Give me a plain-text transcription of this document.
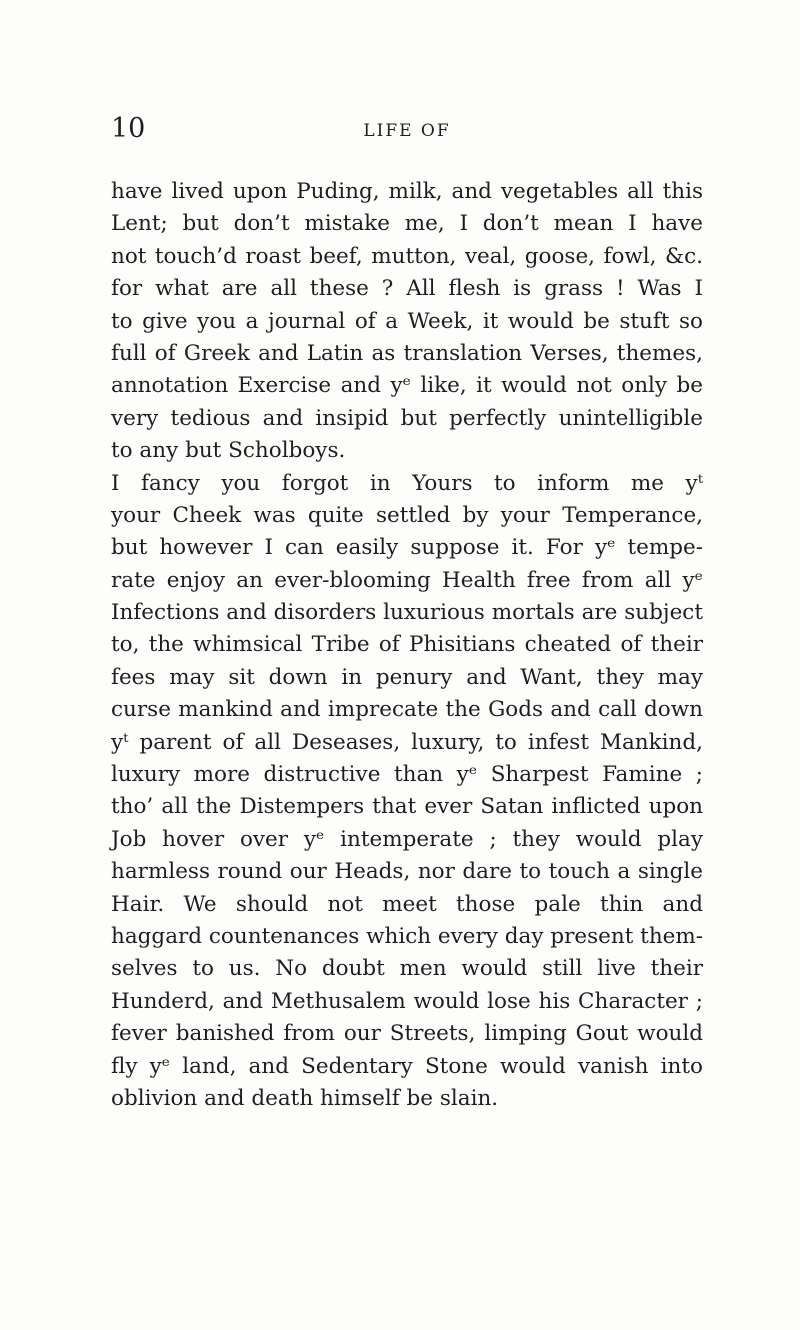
10	LIFE OF
have lived upon Puding, milk, and vegetables all this
Lent; but don’t mistake me, I don’t mean I have
not touch’d roast beef, mutton, veal, goose, fowl, &c.
for what are all these ? All flesh is grass ! Was I
to give you a journal of a Week, it would be stuft so
full of Greek and Latin as translation Verses, themes,
annotation Exercise and yᵉ like, it would not only be
very tedious and insipid but perfectly unintelligible
to any but Scholboys.
I fancy you forgot in Yours to inform me yᵗ
your Cheek was quite settled by your Temperance,
but however I can easily suppose it. For yᵉ tempe-
rate enjoy an ever-blooming Health free from all yᵉ
Infections and disorders luxurious mortals are subject
to, the whimsical Tribe of Phisitians cheated of their
fees may sit down in penury and Want, they may
curse mankind and imprecate the Gods and call down
yᵗ parent of all Deseases, luxury, to infest Mankind,
luxury more distructive than yᵉ Sharpest Famine ;
tho’ all the Distempers that ever Satan inflicted upon
Job hover over yᵉ intemperate ; they would play
harmless round our Heads, nor dare to touch a single
Hair. We should not meet those pale thin and
haggard countenances which every day present them-
selves to us. No doubt men would still live their
Hunderd, and Methusalem would lose his Character ;
fever banished from our Streets, limping Gout would
fly yᵉ land, and Sedentary Stone would vanish into
oblivion and death himself be slain.
